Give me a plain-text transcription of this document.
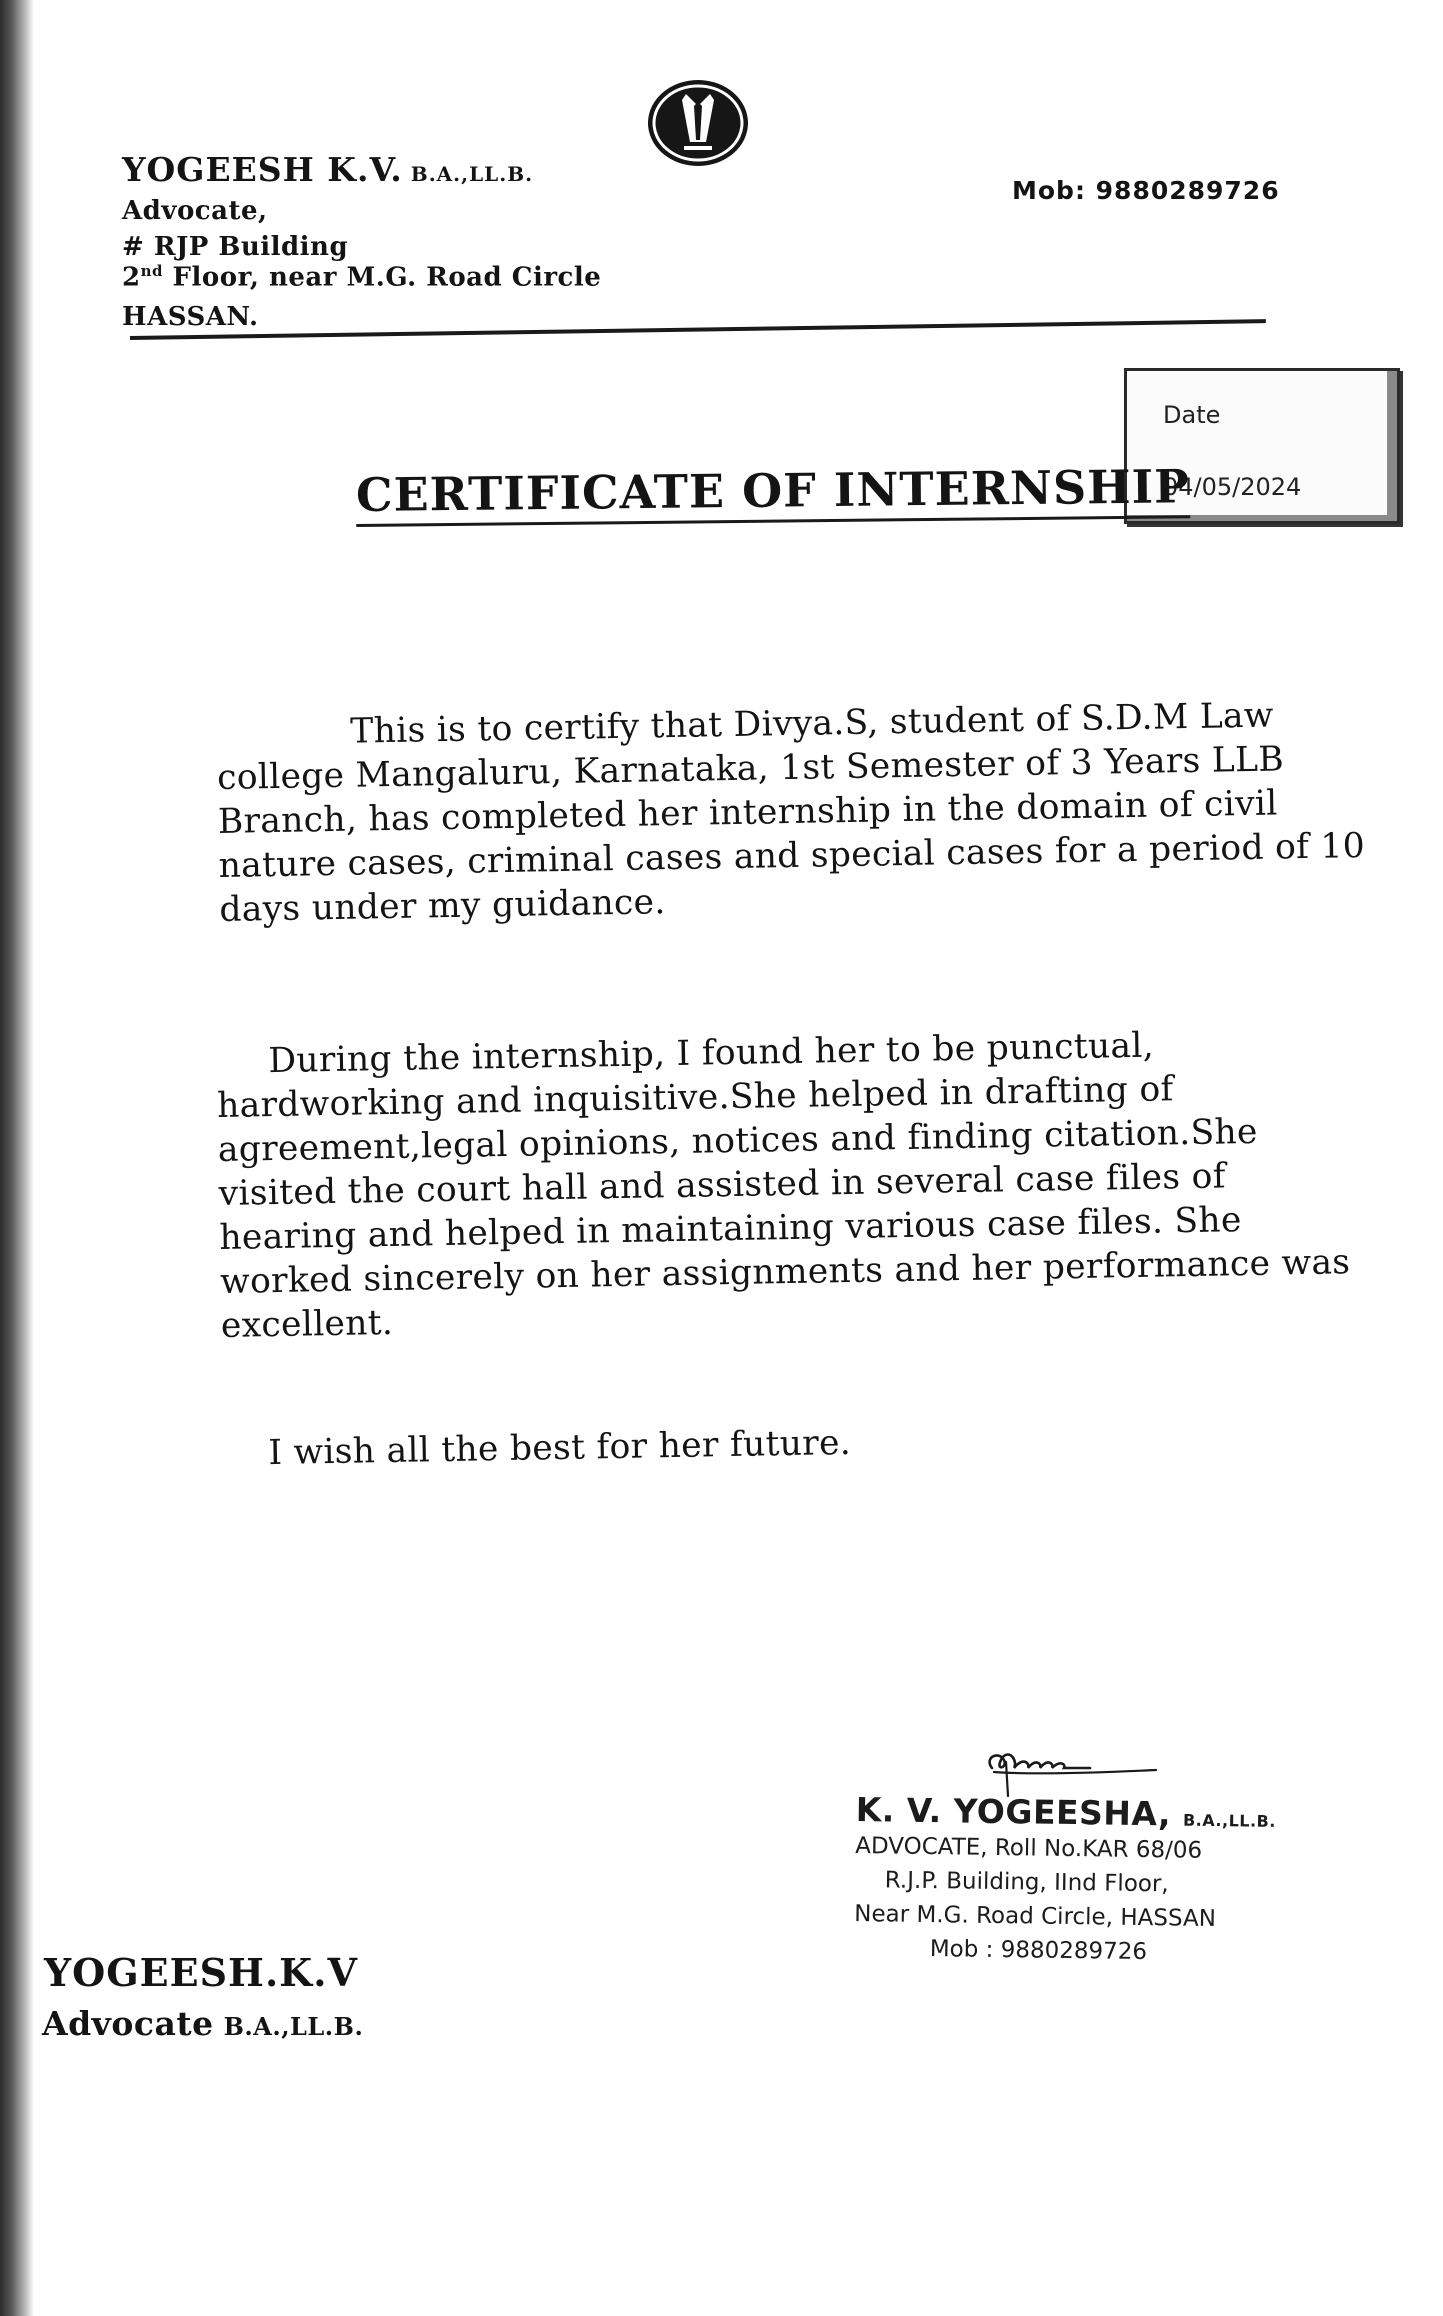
YOGEESH K.V. B.A.,LL.B.
Advocate,
# RJP Building
2nd Floor, near M.G. Road Circle
HASSAN.
Mob: 9880289726
Date
04/05/2024
CERTIFICATE OF INTERNSHIP
This is to certify that Divya.S, student of S.D.M Law
college Mangaluru, Karnataka, 1st Semester of 3 Years LLB
Branch, has completed her internship in the domain of civil
nature cases, criminal cases and special cases for a period of 10
days under my guidance.
During the internship, I found her to be punctual,
hardworking and inquisitive.She helped in drafting of
agreement,legal opinions, notices and finding citation.She
visited the court hall and assisted in several case files of
hearing and helped in maintaining various case files. She
worked sincerely on her assignments and her performance was
excellent.
I wish all the best for her future.
K. V. YOGEESHA, B.A.,LL.B.
ADVOCATE, Roll No.KAR 68/06
R.J.P. Building, IInd Floor,
Near M.G. Road Circle, HASSAN
Mob : 9880289726
YOGEESH.K.V
Advocate B.A.,LL.B.
